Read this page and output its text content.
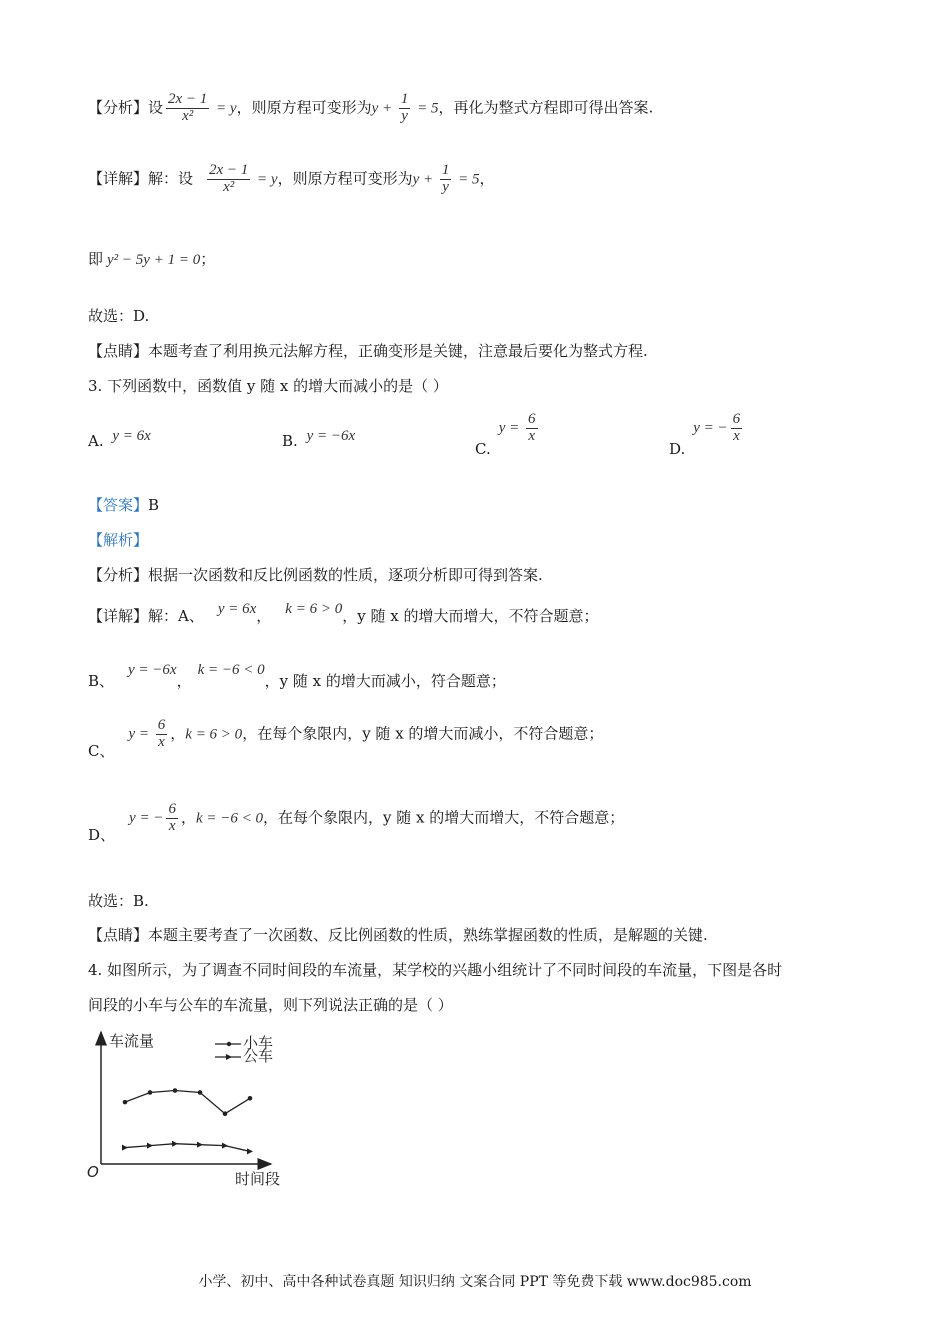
【分析】设 $\frac{2x - 1}{\text{x²}} = y$，则原方程可变形为$y + \frac{1}{y} = 5$，再化为整式方程即可得出答案.
【详解】解：设 $\frac{2x - 1}{\text{x²}} = y$，则原方程可变形为$y + \frac{1}{y} = 5$，
即 y² − 5y + 1 = 0；
故选：D.
【点睛】本题考查了利用换元法解方程，正确变形是关键，注意最后要化为整式方程.
3. 下列函数中，函数值 y 随 x 的增大而减小的是（ ）
A. y = 6x	B. y = −6x
$C.y = \frac{6}{x}$
D.y = − $\frac{6}{x}$
【答案】B
【解析】
【分析】根据一次函数和反比例函数的性质，逐项分析即可得到答案.
【详解】解：A、 y = 6x， k = 6 > 0，y 随 x 的增大而增大，不符合题意；
B、y = −6x，k = −6 < 0，y 随 x 的增大而减小，符合题意；
C、$y = \frac{6}{x}$ ，k = 6 > 0，在每个象限内，y 随 x 的增大而减小，不符合题意；
D、y = − $\frac{6}{x}$ ，k = −6 < 0，在每个象限内，y 随 x 的增大而增大，不符合题意；
故选：B.
【点睛】本题主要考查了一次函数、反比例函数的性质，熟练掌握函数的性质，是解题的关键.
4. 如图所示，为了调查不同时间段的车流量，某学校的兴趣小组统计了不同时间段的车流量，下图是各时
间段的小车与公车的车流量，则下列说法正确的是（ ）
车流量
时间段
O
小车
公车
小学、初中、高中各种试卷真题 知识归纳 文案合同 PPT 等免费下载 www.doc985.com
